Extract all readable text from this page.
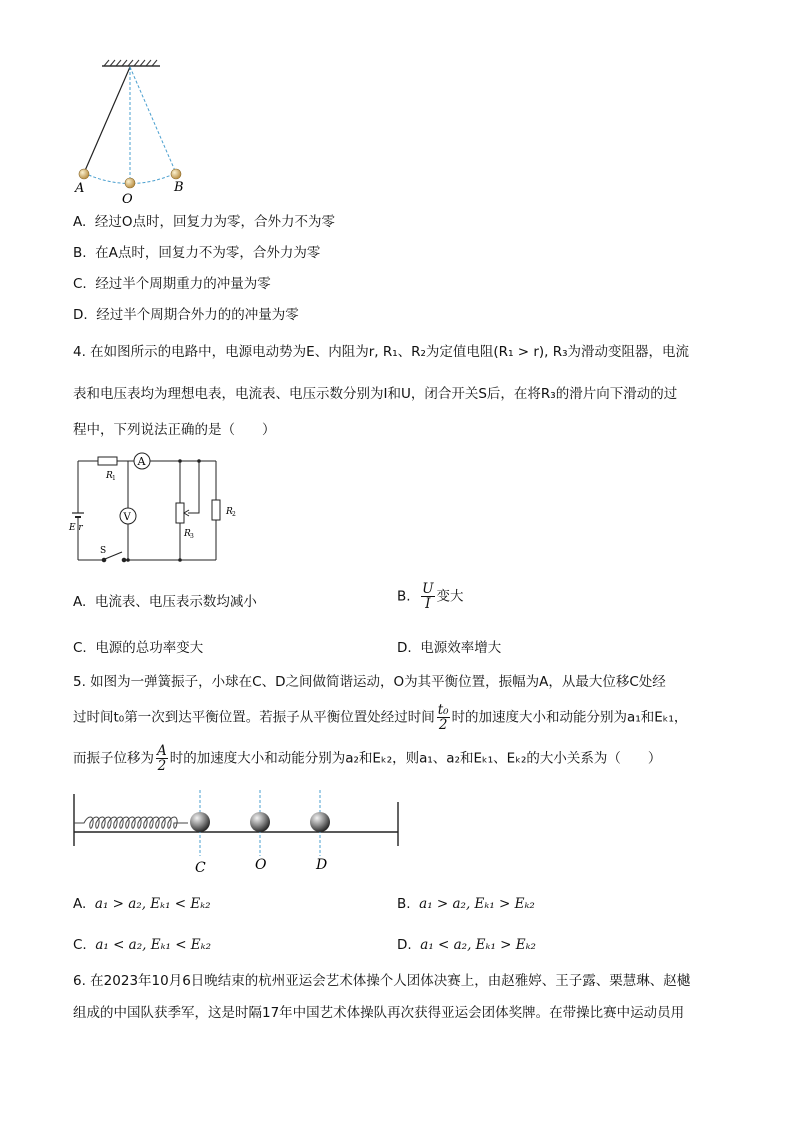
A
O
B
A. 经过O点时，回复力为零，合外力不为零
B. 在A点时，回复力不为零，合外力为零
C. 经过半个周期重力的冲量为零
D. 经过半个周期合外力的的冲量为零
4. 在如图所示的电路中，电源电动势为E、内阻为r, R₁、R₂为定值电阻(R₁ > r), R₃为滑动变阻器，电流
表和电压表均为理想电表，电流表、电压示数分别为I和U，闭合开关S后，在将R₃的滑片向下滑动的过
程中，下列说法正确的是（　　）
A
V
R 1
R 3
R 2
E r
S
A. 电流表、电压表示数均减小	B. $\frac{U}{I}$ 变大
C. 电源的总功率变大	D. 电源效率增大
5. 如图为一弹簧振子，小球在C、D之间做简谐运动，O为其平衡位置，振幅为A，从最大位移C处经
过时间t₀第一次到达平衡位置。若振子从平衡位置处经过时间 $\frac{\text{t₀}}{2}$ 时的加速度大小和动能分别为a₁和Eₖ₁，
而振子位移为 $\frac{A}{2}$ 时的加速度大小和动能分别为a₂和Eₖ₂，则a₁、a₂和Eₖ₁、Eₖ₂的大小关系为（　　）
C	O	D
A. a₁ > a₂, Eₖ₁ < Eₖ₂	B. a₁ > a₂, Eₖ₁ > Eₖ₂
C. a₁ < a₂, Eₖ₁ < Eₖ₂	D. a₁ < a₂, Eₖ₁ > Eₖ₂
6. 在2023年10月6日晚结束的杭州亚运会艺术体操个人团体决赛上，由赵雅婷、王子露、栗慧琳、赵樾
组成的中国队获季军，这是时隔17年中国艺术体操队再次获得亚运会团体奖牌。在带操比赛中运动员用
